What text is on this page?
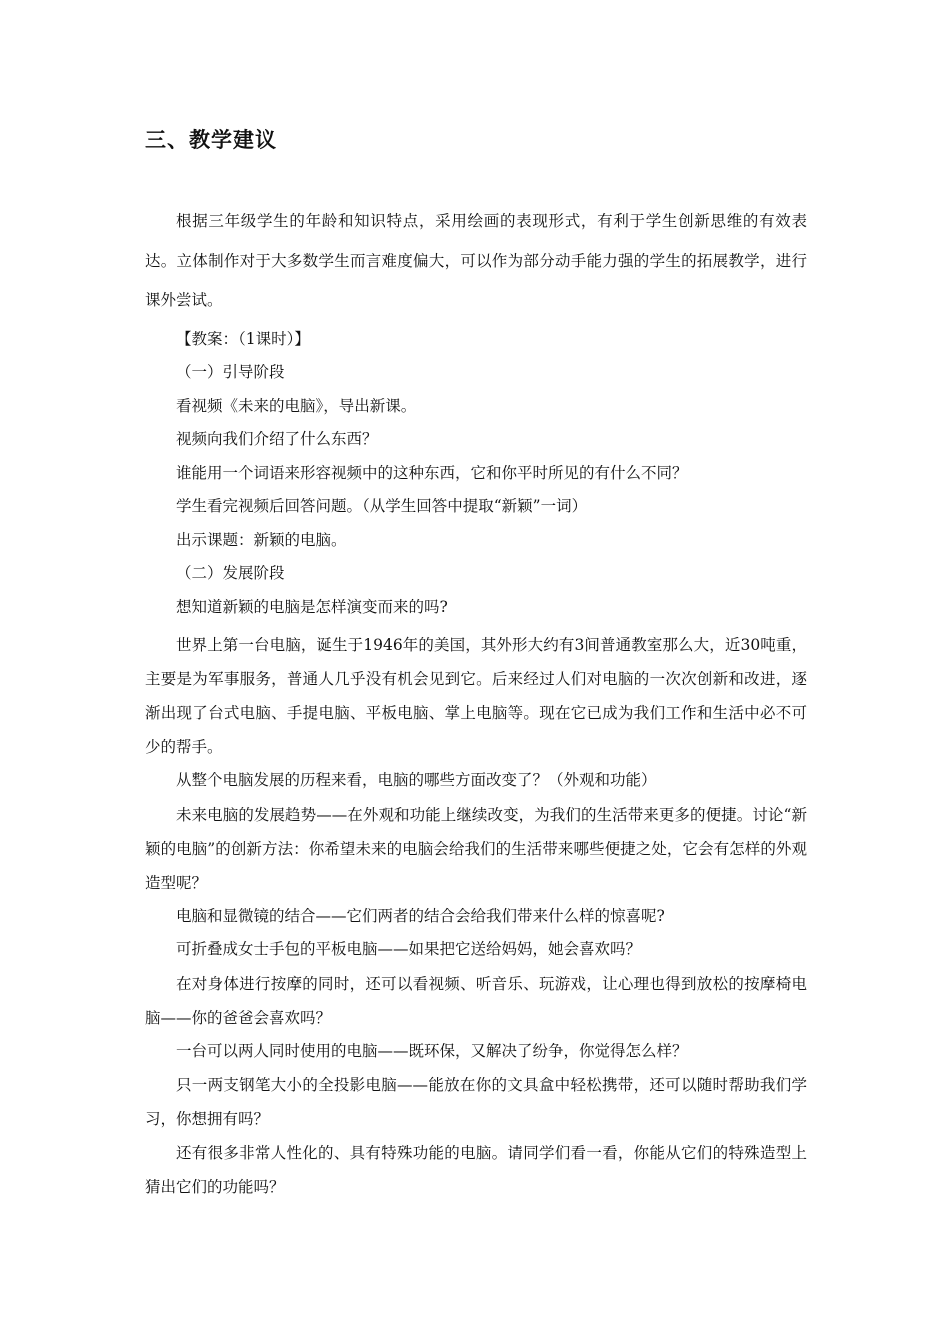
三、教学建议

根据三年级学生的年龄和知识特点，采用绘画的表现形式，有利于学生创新思维的有效表达。立体制作对于大多数学生而言难度偏大，可以作为部分动手能力强的学生的拓展教学，进行课外尝试。

【教案：（1课时）】

（一）引导阶段

看视频《未来的电脑》，导出新课。

视频向我们介绍了什么东西？

谁能用一个词语来形容视频中的这种东西，它和你平时所见的有什么不同？

学生看完视频后回答问题。（从学生回答中提取“新颖”一词）

出示课题：新颖的电脑。

（二）发展阶段

想知道新颖的电脑是怎样演变而来的吗?

世界上第一台电脑，诞生于1946年的美国，其外形大约有3间普通教室那么大，近30吨重，主要是为军事服务，普通人几乎没有机会见到它。后来经过人们对电脑的一次次创新和改进，逐渐出现了台式电脑、手提电脑、平板电脑、掌上电脑等。现在它已成为我们工作和生活中必不可少的帮手。

从整个电脑发展的历程来看，电脑的哪些方面改变了？（外观和功能）

未来电脑的发展趋势——在外观和功能上继续改变，为我们的生活带来更多的便捷。讨论“新颖的电脑”的创新方法：你希望未来的电脑会给我们的生活带来哪些便捷之处，它会有怎样的外观造型呢？

电脑和显微镜的结合——它们两者的结合会给我们带来什么样的惊喜呢?

可折叠成女士手包的平板电脑——如果把它送给妈妈，她会喜欢吗？

在对身体进行按摩的同时，还可以看视频、听音乐、玩游戏，让心理也得到放松的按摩椅电脑——你的爸爸会喜欢吗？

一台可以两人同时使用的电脑——既环保，又解决了纷争，你觉得怎么样？

只一两支钢笔大小的全投影电脑——能放在你的文具盒中轻松携带，还可以随时帮助我们学习，你想拥有吗？

还有很多非常人性化的、具有特殊功能的电脑。请同学们看一看，你能从它们的特殊造型上猜出它们的功能吗？
